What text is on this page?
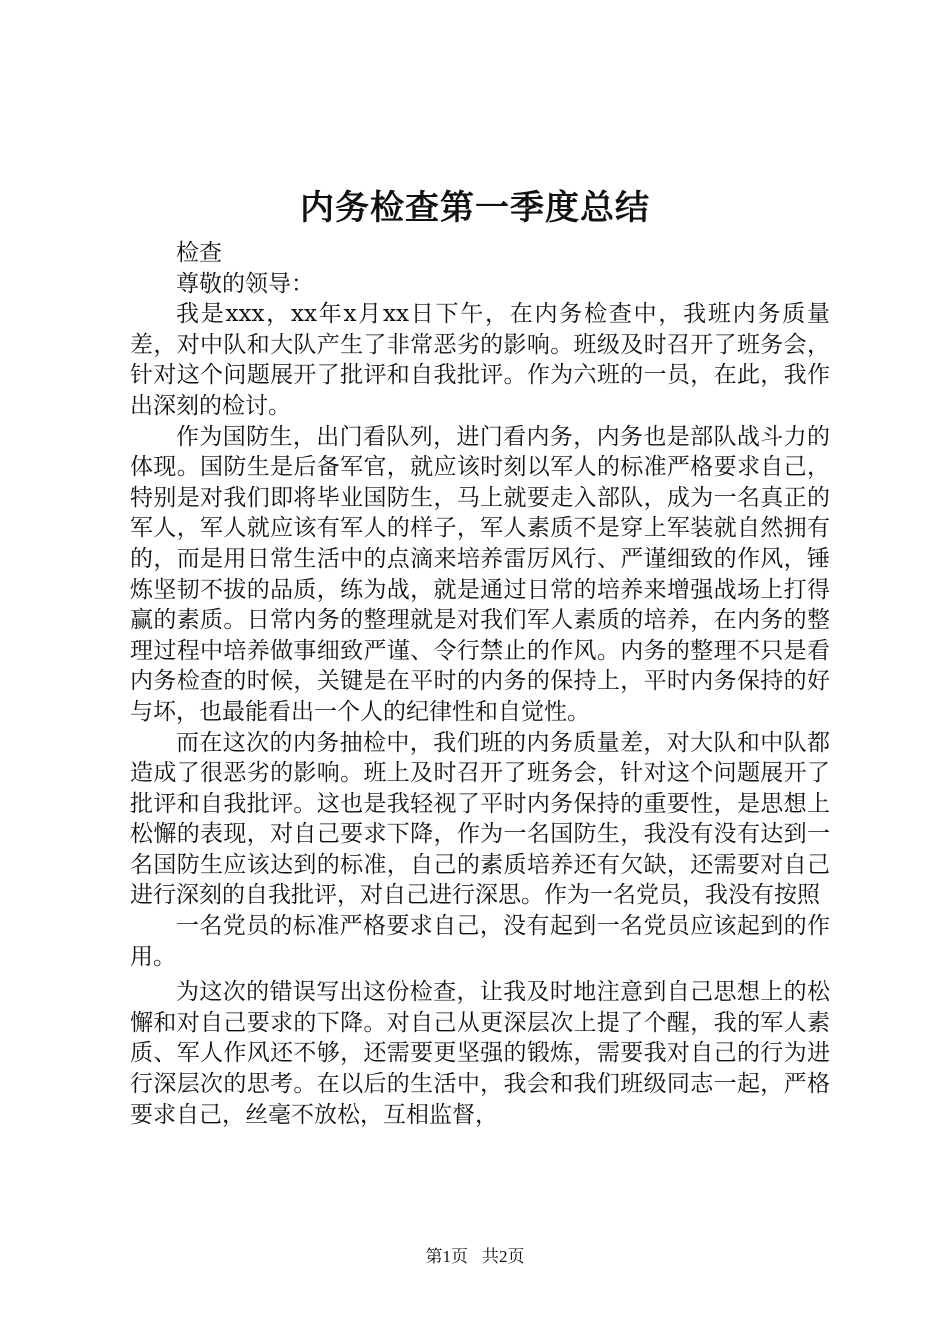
内务检查第一季度总结

检查

尊敬的领导：

我是xxx，xx年x月xx日下午，在内务检查中，我班内务质量差，对中队和大队产生了非常恶劣的影响。班级及时召开了班务会，针对这个问题展开了批评和自我批评。作为六班的一员，在此，我作出深刻的检讨。

作为国防生，出门看队列，进门看内务，内务也是部队战斗力的体现。国防生是后备军官，就应该时刻以军人的标准严格要求自己，特别是对我们即将毕业国防生，马上就要走入部队，成为一名真正的军人，军人就应该有军人的样子，军人素质不是穿上军装就自然拥有的，而是用日常生活中的点滴来培养雷厉风行、严谨细致的作风，锤炼坚韧不拔的品质，练为战，就是通过日常的培养来增强战场上打得赢的素质。日常内务的整理就是对我们军人素质的培养，在内务的整理过程中培养做事细致严谨、令行禁止的作风。内务的整理不只是看内务检查的时候，关键是在平时的内务的保持上，平时内务保持的好与坏，也最能看出一个人的纪律性和自觉性。

而在这次的内务抽检中，我们班的内务质量差，对大队和中队都造成了很恶劣的影响。班上及时召开了班务会，针对这个问题展开了批评和自我批评。这也是我轻视了平时内务保持的重要性，是思想上松懈的表现，对自己要求下降，作为一名国防生，我没有没有达到一名国防生应该达到的标准，自己的素质培养还有欠缺，还需要对自己进行深刻的自我批评，对自己进行深思。作为一名党员，我没有按照

一名党员的标准严格要求自己，没有起到一名党员应该起到的作用。

为这次的错误写出这份检查，让我及时地注意到自己思想上的松懈和对自己要求的下降。对自己从更深层次上提了个醒，我的军人素质、军人作风还不够，还需要更坚强的锻炼，需要我对自己的行为进行深层次的思考。在以后的生活中，我会和我们班级同志一起，严格要求自己，丝毫不放松，互相监督，

第1页 共2页
